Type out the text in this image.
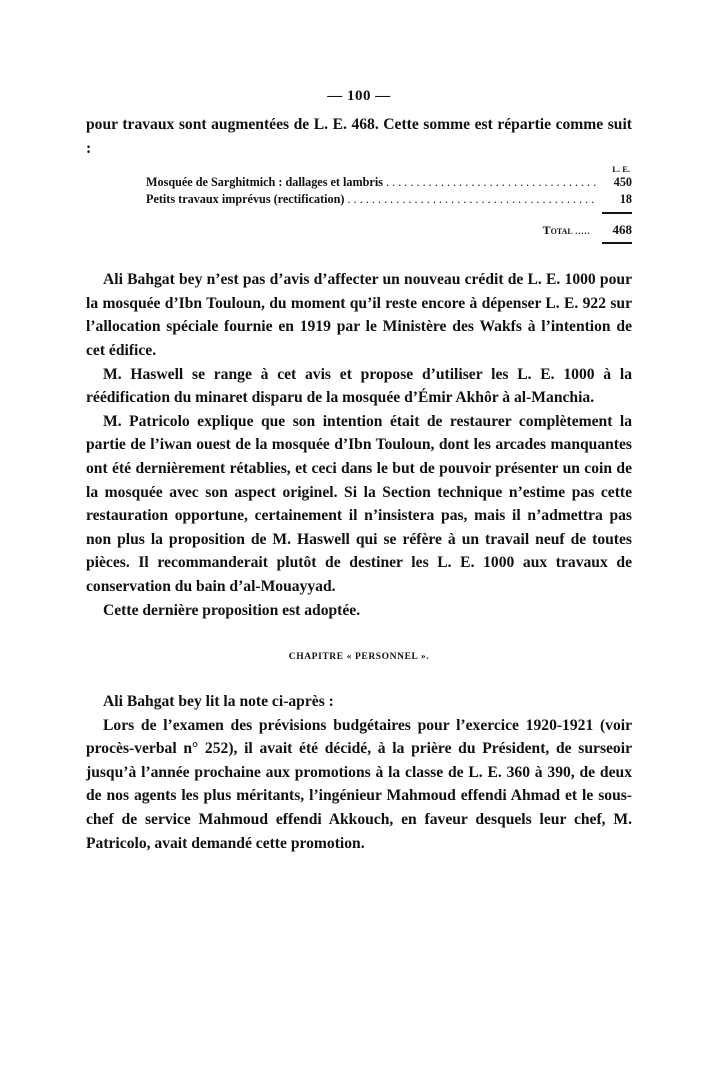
— 100 —

pour travaux sont augmentées de L. E. 468. Cette somme est répartie comme suit :

L. E.
Mosquée de Sarghitmich : dallages et lambris . . .	450
Petits travaux imprévus (rectification) . . .	18
Total .....	468

Ali Bahgat bey n’est pas d’avis d’affecter un nouveau crédit de L. E. 1000 pour la mosquée d’Ibn Touloun, du moment qu’il reste encore à dépenser L. E. 922 sur l’allocation spéciale fournie en 1919 par le Ministère des Wakfs à l’intention de cet édifice.

M. Haswell se range à cet avis et propose d’utiliser les L. E. 1000 à la réédification du minaret disparu de la mosquée d’Émir Akhôr à al-Manchia.

M. Patricolo explique que son intention était de restaurer complètement la partie de l’iwan ouest de la mosquée d’Ibn Touloun, dont les arcades manquantes ont été dernièrement rétablies, et ceci dans le but de pouvoir présenter un coin de la mosquée avec son aspect originel. Si la Section technique n’estime pas cette restauration opportune, certainement il n’insistera pas, mais il n’admettra pas non plus la proposition de M. Haswell qui se réfère à un travail neuf de toutes pièces. Il recommanderait plutôt de destiner les L. E. 1000 aux travaux de conservation du bain d’al-Mouayyad.

Cette dernière proposition est adoptée.

CHAPITRE « PERSONNEL ».

Ali Bahgat bey lit la note ci-après :

Lors de l’examen des prévisions budgétaires pour l’exercice 1920-1921 (voir procès-verbal n° 252), il avait été décidé, à la prière du Président, de surseoir jusqu’à l’année prochaine aux promotions à la classe de L. E. 360 à 390, de deux de nos agents les plus méritants, l’ingénieur Mahmoud effendi Ahmad et le sous-chef de service Mahmoud effendi Akkouch, en faveur desquels leur chef, M. Patricolo, avait demandé cette promotion.
